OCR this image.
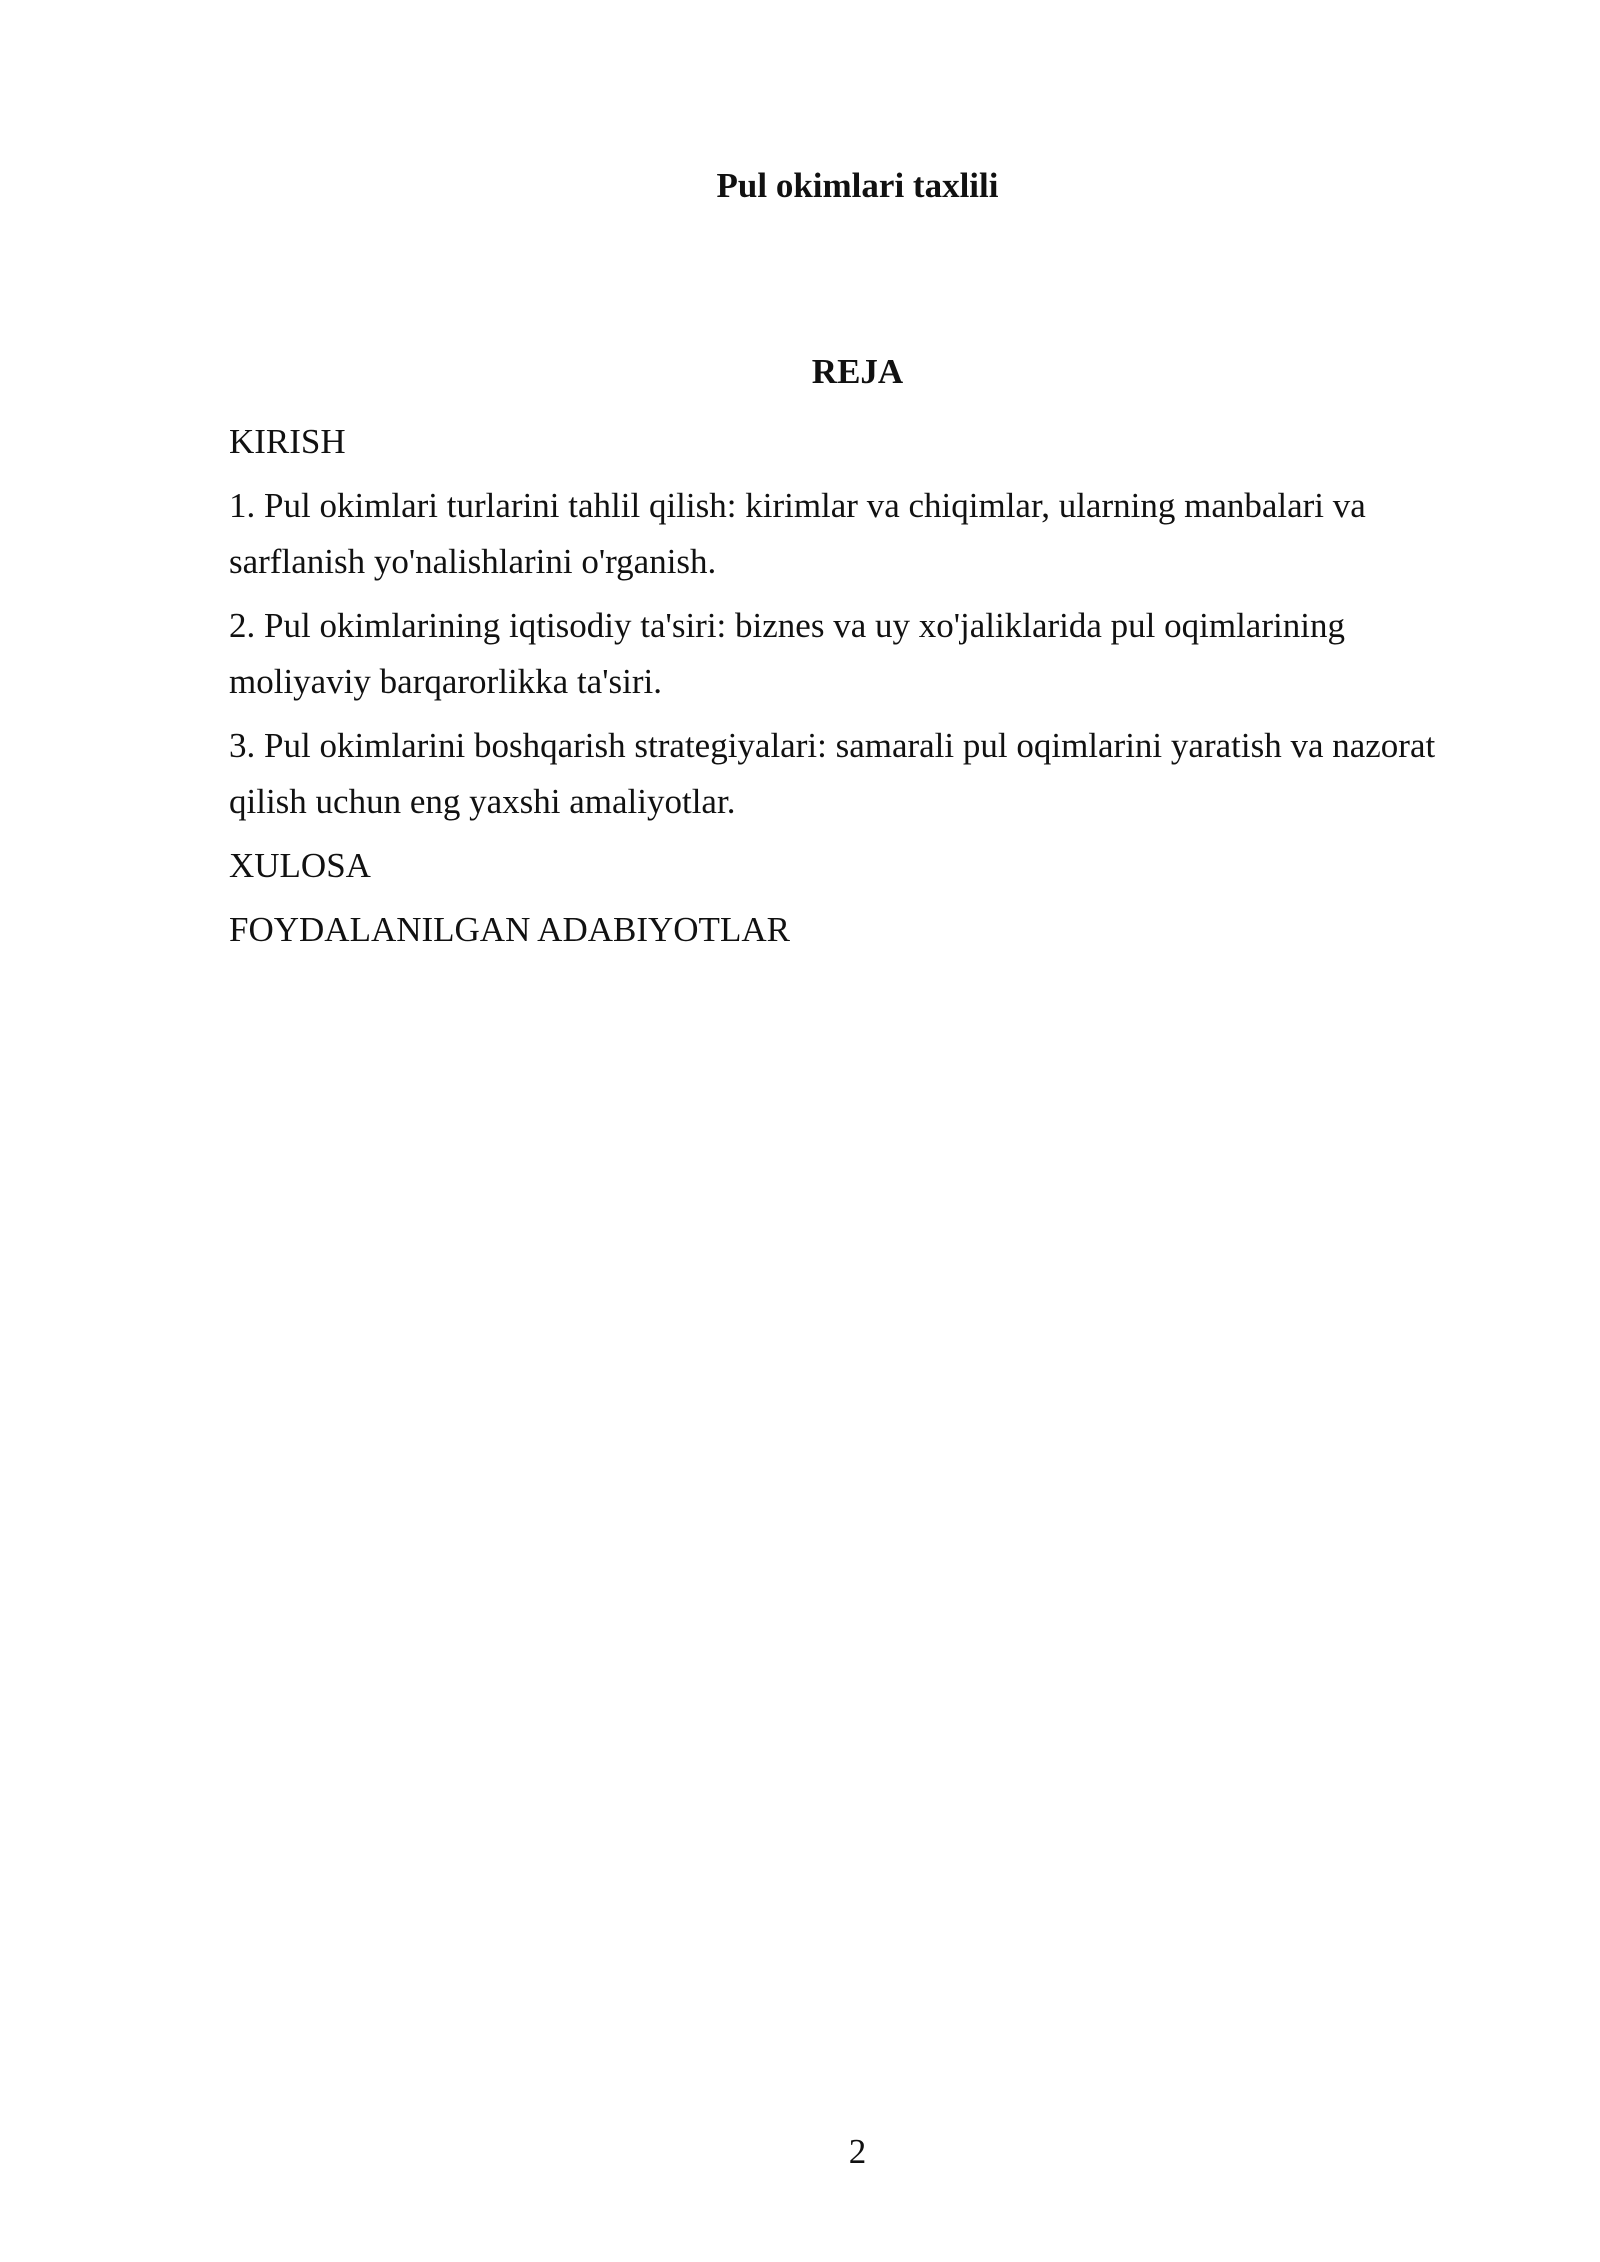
Pul okimlari taxlili
REJA
KIRISH
1. Pul okimlari turlarini tahlil qilish: kirimlar va chiqimlar, ularning manbalari va sarflanish yo'nalishlarini o'rganish.
2. Pul okimlarining iqtisodiy ta'siri: biznes va uy xo'jaliklarida pul oqimlarining moliyaviy barqarorlikka ta'siri.
3. Pul okimlarini boshqarish strategiyalari: samarali pul oqimlarini yaratish va nazorat qilish uchun eng yaxshi amaliyotlar.
XULOSA
FOYDALANILGAN ADABIYOTLAR
2
